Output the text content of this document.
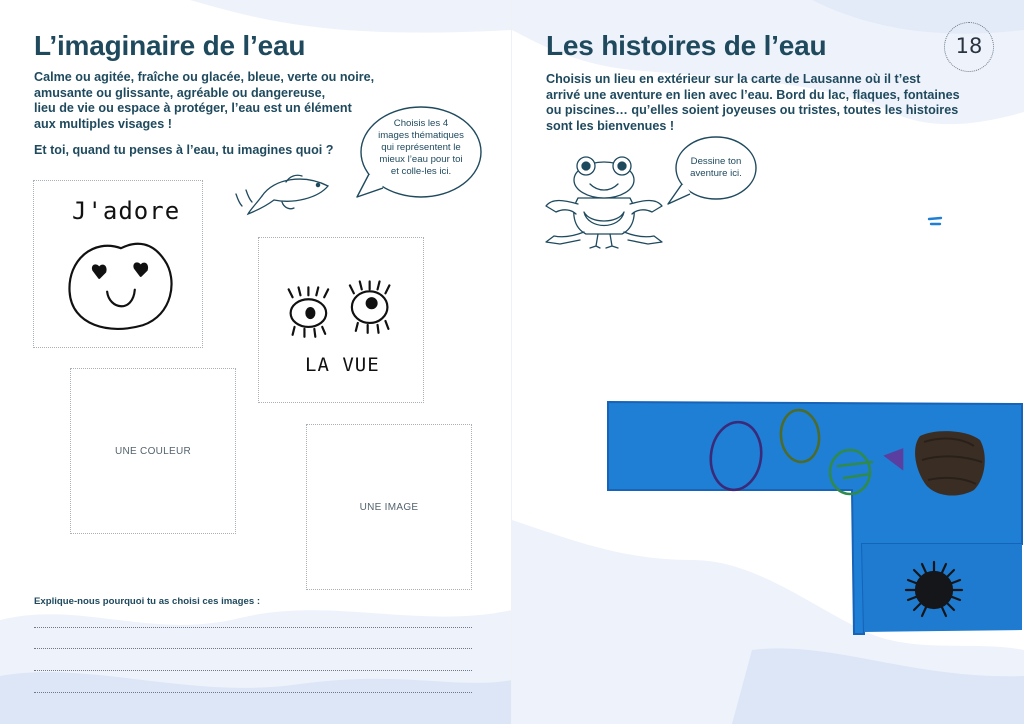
L’imaginaire de l’eau

Calme ou agitée, fraîche ou glacée, bleue, verte ou noire,

amusante ou glissante, agréable ou dangereuse,

lieu de vie ou espace à protéger, l’eau est un élément

aux multiples visages !

Et toi, quand tu penses à l’eau, tu imagines quoi ?
Choisis les 4
images thématiques
qui représentent le
mieux l’eau pour toi
et colle-les ici.
J'adore
LA VUE
UNE COULEUR
UNE IMAGE
Explique-nous pourquoi tu as choisi ces images :
Les histoires de l’eau	18

Choisis un lieu en extérieur sur la carte de Lausanne où il t’est

arrivé une aventure en lien avec l’eau. Bord du lac, flaques, fontaines

ou piscines… qu’elles soient joyeuses ou tristes, toutes les histoires

sont les bienvenues !

Dessine ton
aventure ici.
